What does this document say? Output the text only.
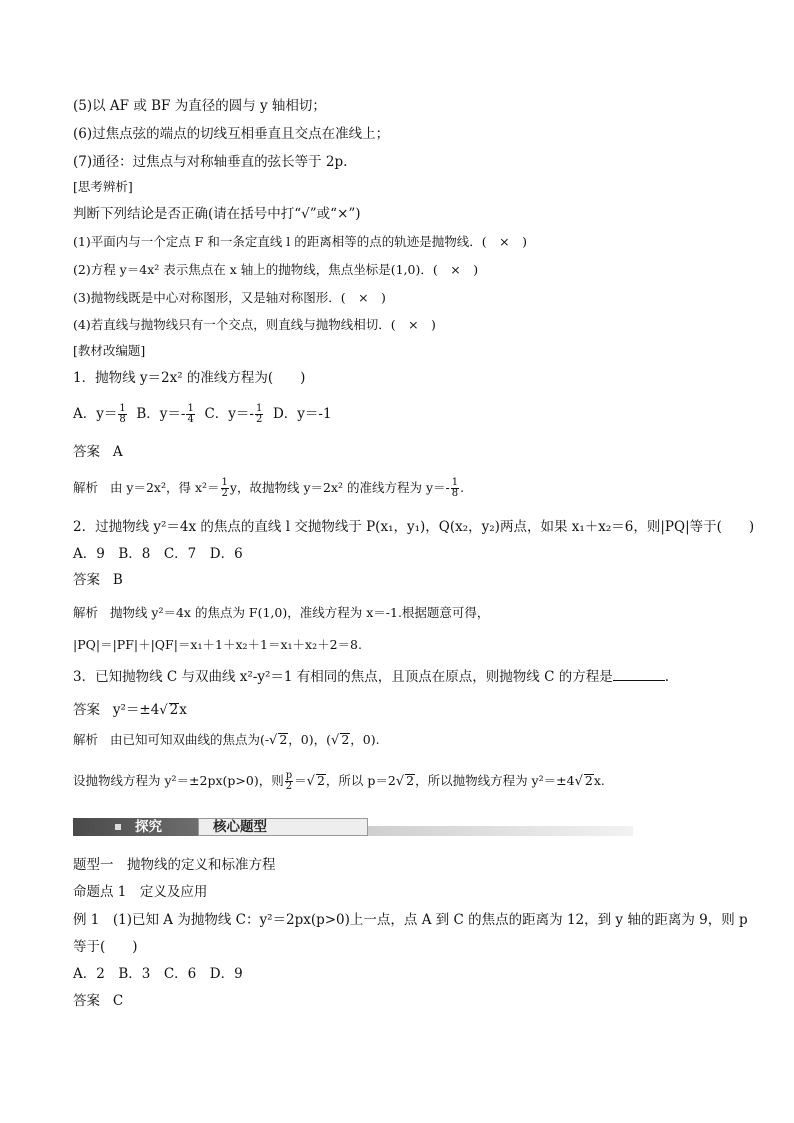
(5)以 AF 或 BF 为直径的圆与 y 轴相切；
(6)过焦点弦的端点的切线互相垂直且交点在准线上；
(7)通径：过焦点与对称轴垂直的弦长等于 2p.
[思考辨析]
判断下列结论是否正确(请在括号中打“√”或“×”)
(1)平面内与一个定点 F 和一条定直线 l 的距离相等的点的轨迹是抛物线．(　×　)
(2)方程 y＝4x² 表示焦点在 x 轴上的抛物线，焦点坐标是(1,0)．(　×　)
(3)抛物线既是中心对称图形，又是轴对称图形．(　×　)
(4)若直线与抛物线只有一个交点，则直线与抛物线相切．(　×　)
[教材改编题]
1．抛物线 y＝2x² 的准线方程为(　　)
A．$y= \frac{1}{8}$ B．$y=- \frac{1}{4}$ C．$y=- \frac{1}{2}$ D．y＝-1
答案 A
解析 由 y＝2x²，得 $x^2= \frac{1}{2}$ y，故抛物线 y＝2x² 的准线方程为 $y=- \frac{1}{8}$ .
2．过抛物线 y²＝4x 的焦点的直线 l 交抛物线于 P(x₁，y₁)，Q(x₂，y₂)两点，如果 x₁＋x₂＝6，则|PQ|等于(　　)
A．9　B．8　C．7　D．6
答案 B
解析 抛物线 y²＝4x 的焦点为 F(1,0)，准线方程为 x＝-1.根据题意可得，
|PQ|＝|PF|＋|QF|＝x₁＋1＋x₂＋1＝x₁＋x₂＋2＝8.
3．已知抛物线 C 与双曲线 x²-y²＝1 有相同的焦点，且顶点在原点，则抛物线 C 的方程是	.
答案 y²＝±4√ 2x
解析 由已知可知双曲线的焦点为(-√ 2，0)，(√ 2，0).
设抛物线方程为 y²＝±2px(p>0)，则 $\frac{p}{2}$ ＝√ 2，所以 p＝2√ 2，所以抛物线方程为 y²＝±4√ 2x.
探究	核心题型
题型一　抛物线的定义和标准方程
命题点 1　定义及应用
例 1　(1)已知 A 为抛物线 C：y²＝2px(p>0)上一点，点 A 到 C 的焦点的距离为 12，到 y 轴的距离为 9，则 p
等于(　　)
A．2　B．3　C．6　D．9
答案 C
